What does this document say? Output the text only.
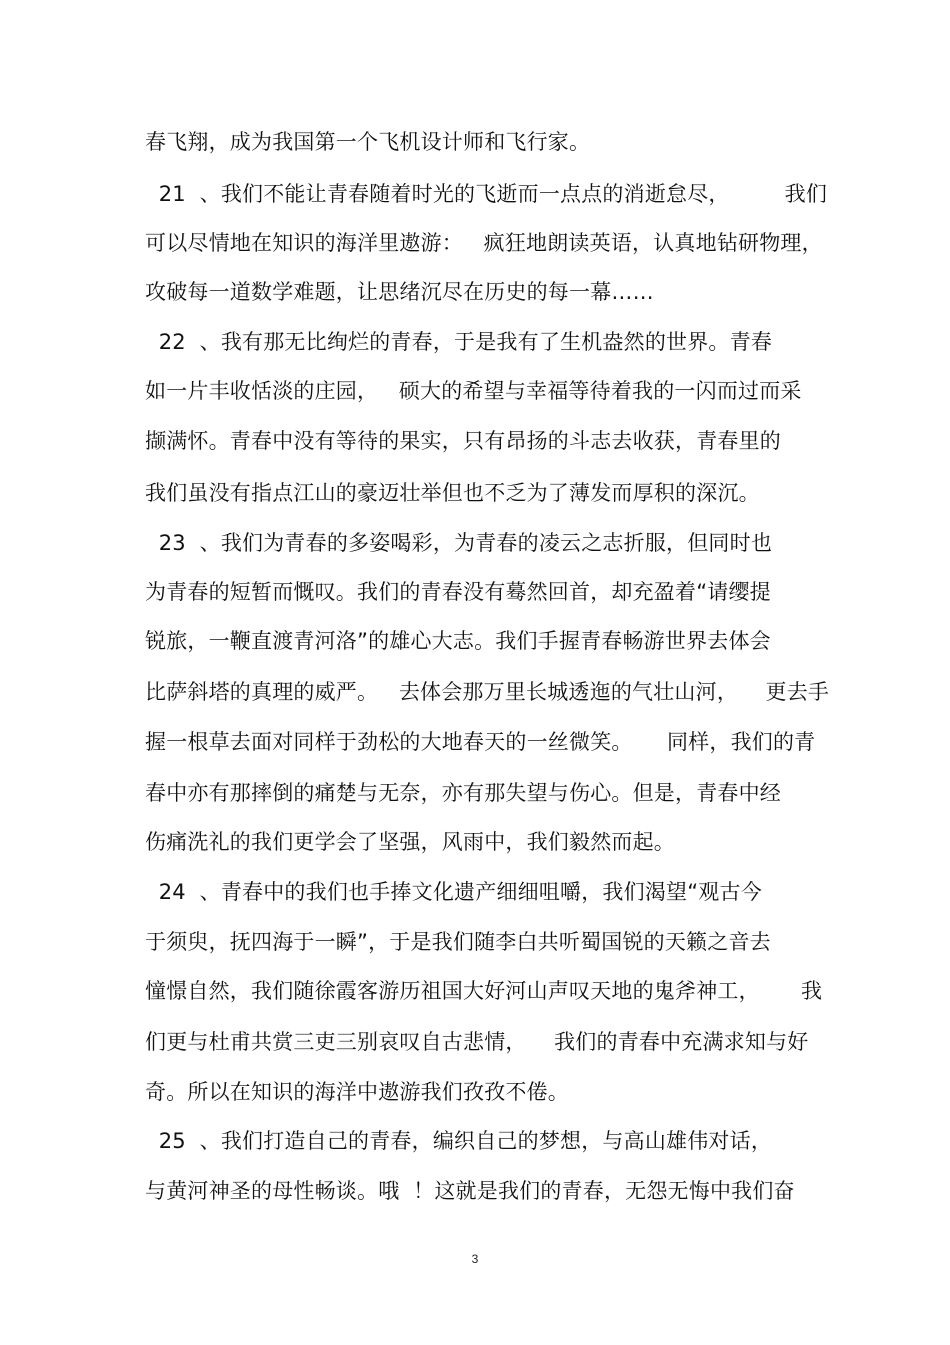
春飞翔，成为我国第一个飞机设计师和飞行家。
21  、我们不能让青春随着时光的飞逝而一点点的消逝怠尽，        我们
可以尽情地在知识的海洋里遨游：   疯狂地朗读英语，认真地钻研物理，
攻破每一道数学难题，让思绪沉尽在历史的每一幕……
22  、我有那无比绚烂的青春，于是我有了生机盎然的世界。青春
如一片丰收恬淡的庄园，   硕大的希望与幸福等待着我的一闪而过而采
撷满怀。青春中没有等待的果实，只有昂扬的斗志去收获，青春里的
我们虽没有指点江山的豪迈壮举但也不乏为了薄发而厚积的深沉。
23  、我们为青春的多姿喝彩，为青春的凌云之志折服，但同时也
为青春的短暂而慨叹。我们的青春没有蓦然回首，却充盈着“请缨提
锐旅，一鞭直渡青河洛”的雄心大志。我们手握青春畅游世界去体会
比萨斜塔的真理的威严。   去体会那万里长城透迤的气壮山河，    更去手
握一根草去面对同样于劲松的大地春天的一丝微笑。     同样，我们的青
春中亦有那摔倒的痛楚与无奈，亦有那失望与伤心。但是，青春中经
伤痛洗礼的我们更学会了坚强，风雨中，我们毅然而起。
24  、青春中的我们也手捧文化遗产细细咀嚼，我们渴望“观古今
于须臾，抚四海于一瞬”，于是我们随李白共听蜀国锐的天籁之音去
憧憬自然，我们随徐霞客游历祖国大好河山声叹天地的鬼斧神工，      我
们更与杜甫共赏三吏三别哀叹自古悲情，    我们的青春中充满求知与好
奇。所以在知识的海洋中遨游我们孜孜不倦。
25  、我们打造自己的青春，编织自己的梦想，与高山雄伟对话，
与黄河神圣的母性畅谈。哦  ！这就是我们的青春，无怨无悔中我们奋
3
